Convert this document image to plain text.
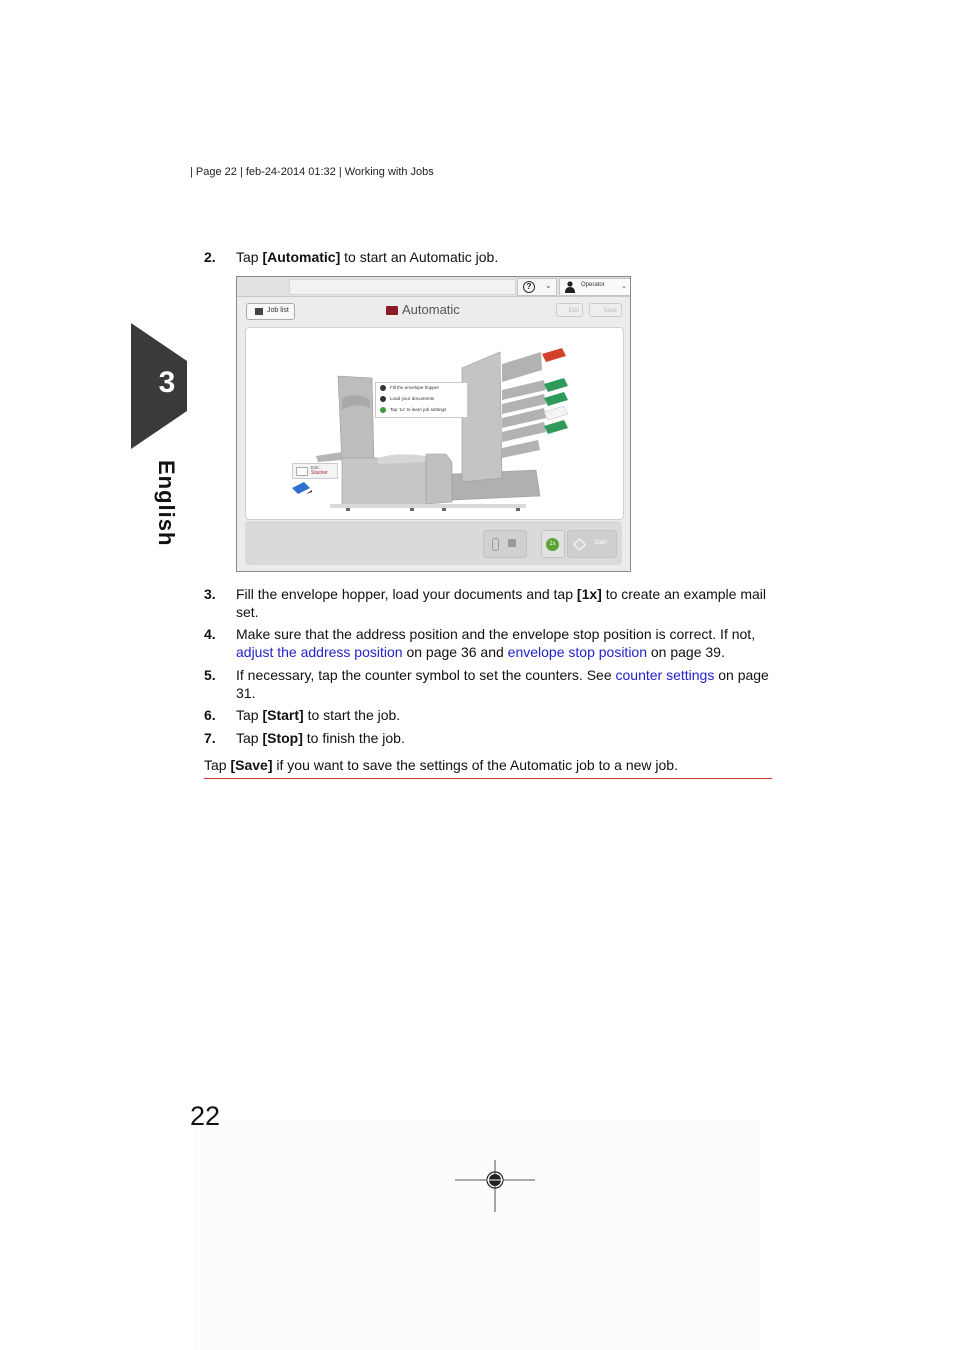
| Page 22 | feb-24-2014 01:32 | Working with Jobs
3
English
2. Tap [Automatic] to start an Automatic job.
?	⌄	Operator ⌄
Job list	Automatic	Edit	Save
Fill the envelope hopper
Load your documents
Tap '1x' to learn job settings
Exit:
Stacker
1x	Start
3. Fill the envelope hopper, load your documents and tap [1x] to create an example mail set.
4. Make sure that the address position and the envelope stop position is correct. If not, adjust the address position on page 36 and envelope stop position on page 39.
5. If necessary, tap the counter symbol to set the counters. See counter settings on page 31.
6. Tap [Start] to start the job.
7. Tap [Stop] to finish the job.
Tap [Save] if you want to save the settings of the Automatic job to a new job.
22
